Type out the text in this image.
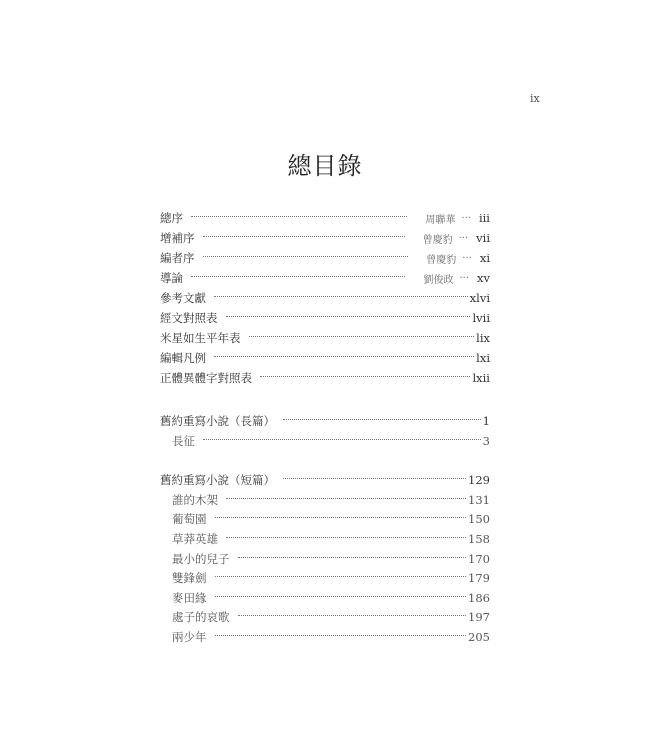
ix
總目錄
總序	周聯華 ··· iii
增補序	曾慶豹 ··· vii
編者序	曾慶豹 ··· xi
導論	劉俊政 ··· xv
參考文獻	xlvi
經文對照表	lvii
米星如生平年表	lix
編輯凡例	lxi
正體異體字對照表	lxii
舊約重寫小說（長篇）	1
長征	3
舊約重寫小說（短篇）	129
誰的木架	131
葡萄園	150
草莽英雄	158
最小的兒子	170
雙鋒劍	179
麥田緣	186
處子的哀歌	197
兩少年	205
